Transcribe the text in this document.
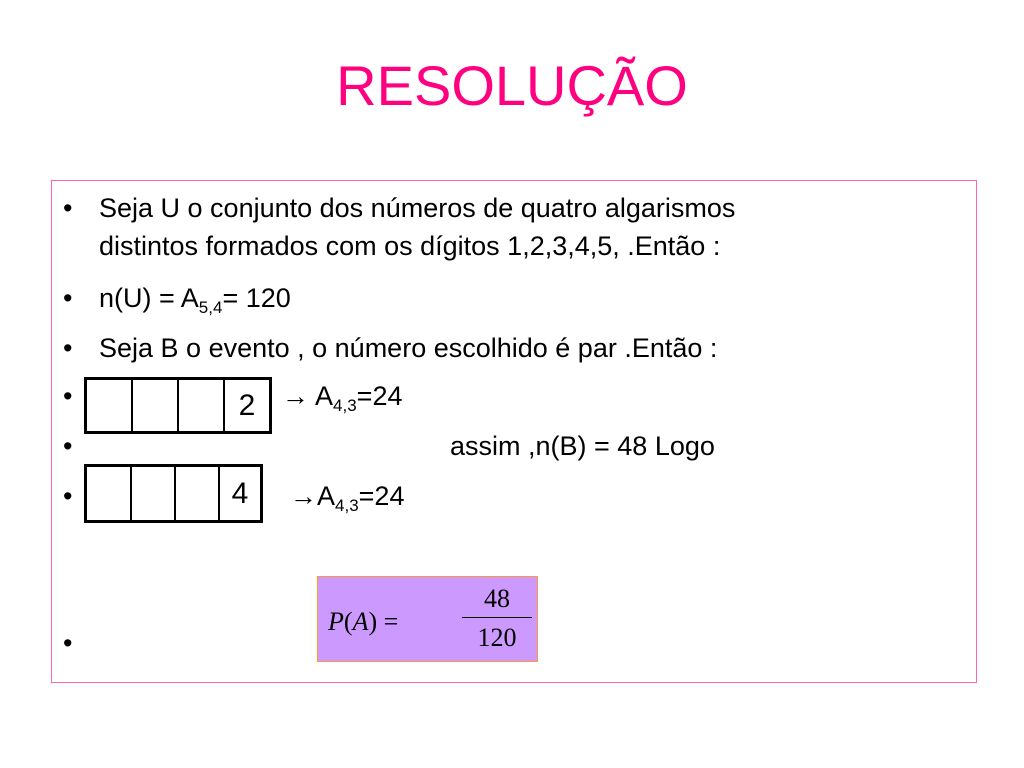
RESOLUÇÃO
• Seja U o conjunto dos números de quatro algarismos
distintos formados com os dígitos 1,2,3,4,5, .Então :
• $n(U) = A_{5,4}= 120$
• Seja B o evento , o número escolhido é par .Então :
•	$2 \to A_{4,3}=24$
•	assim ,n(B) = 48 Logo
•	4	$\to A_{4,3}=24$
•
P(A) =
48
120
